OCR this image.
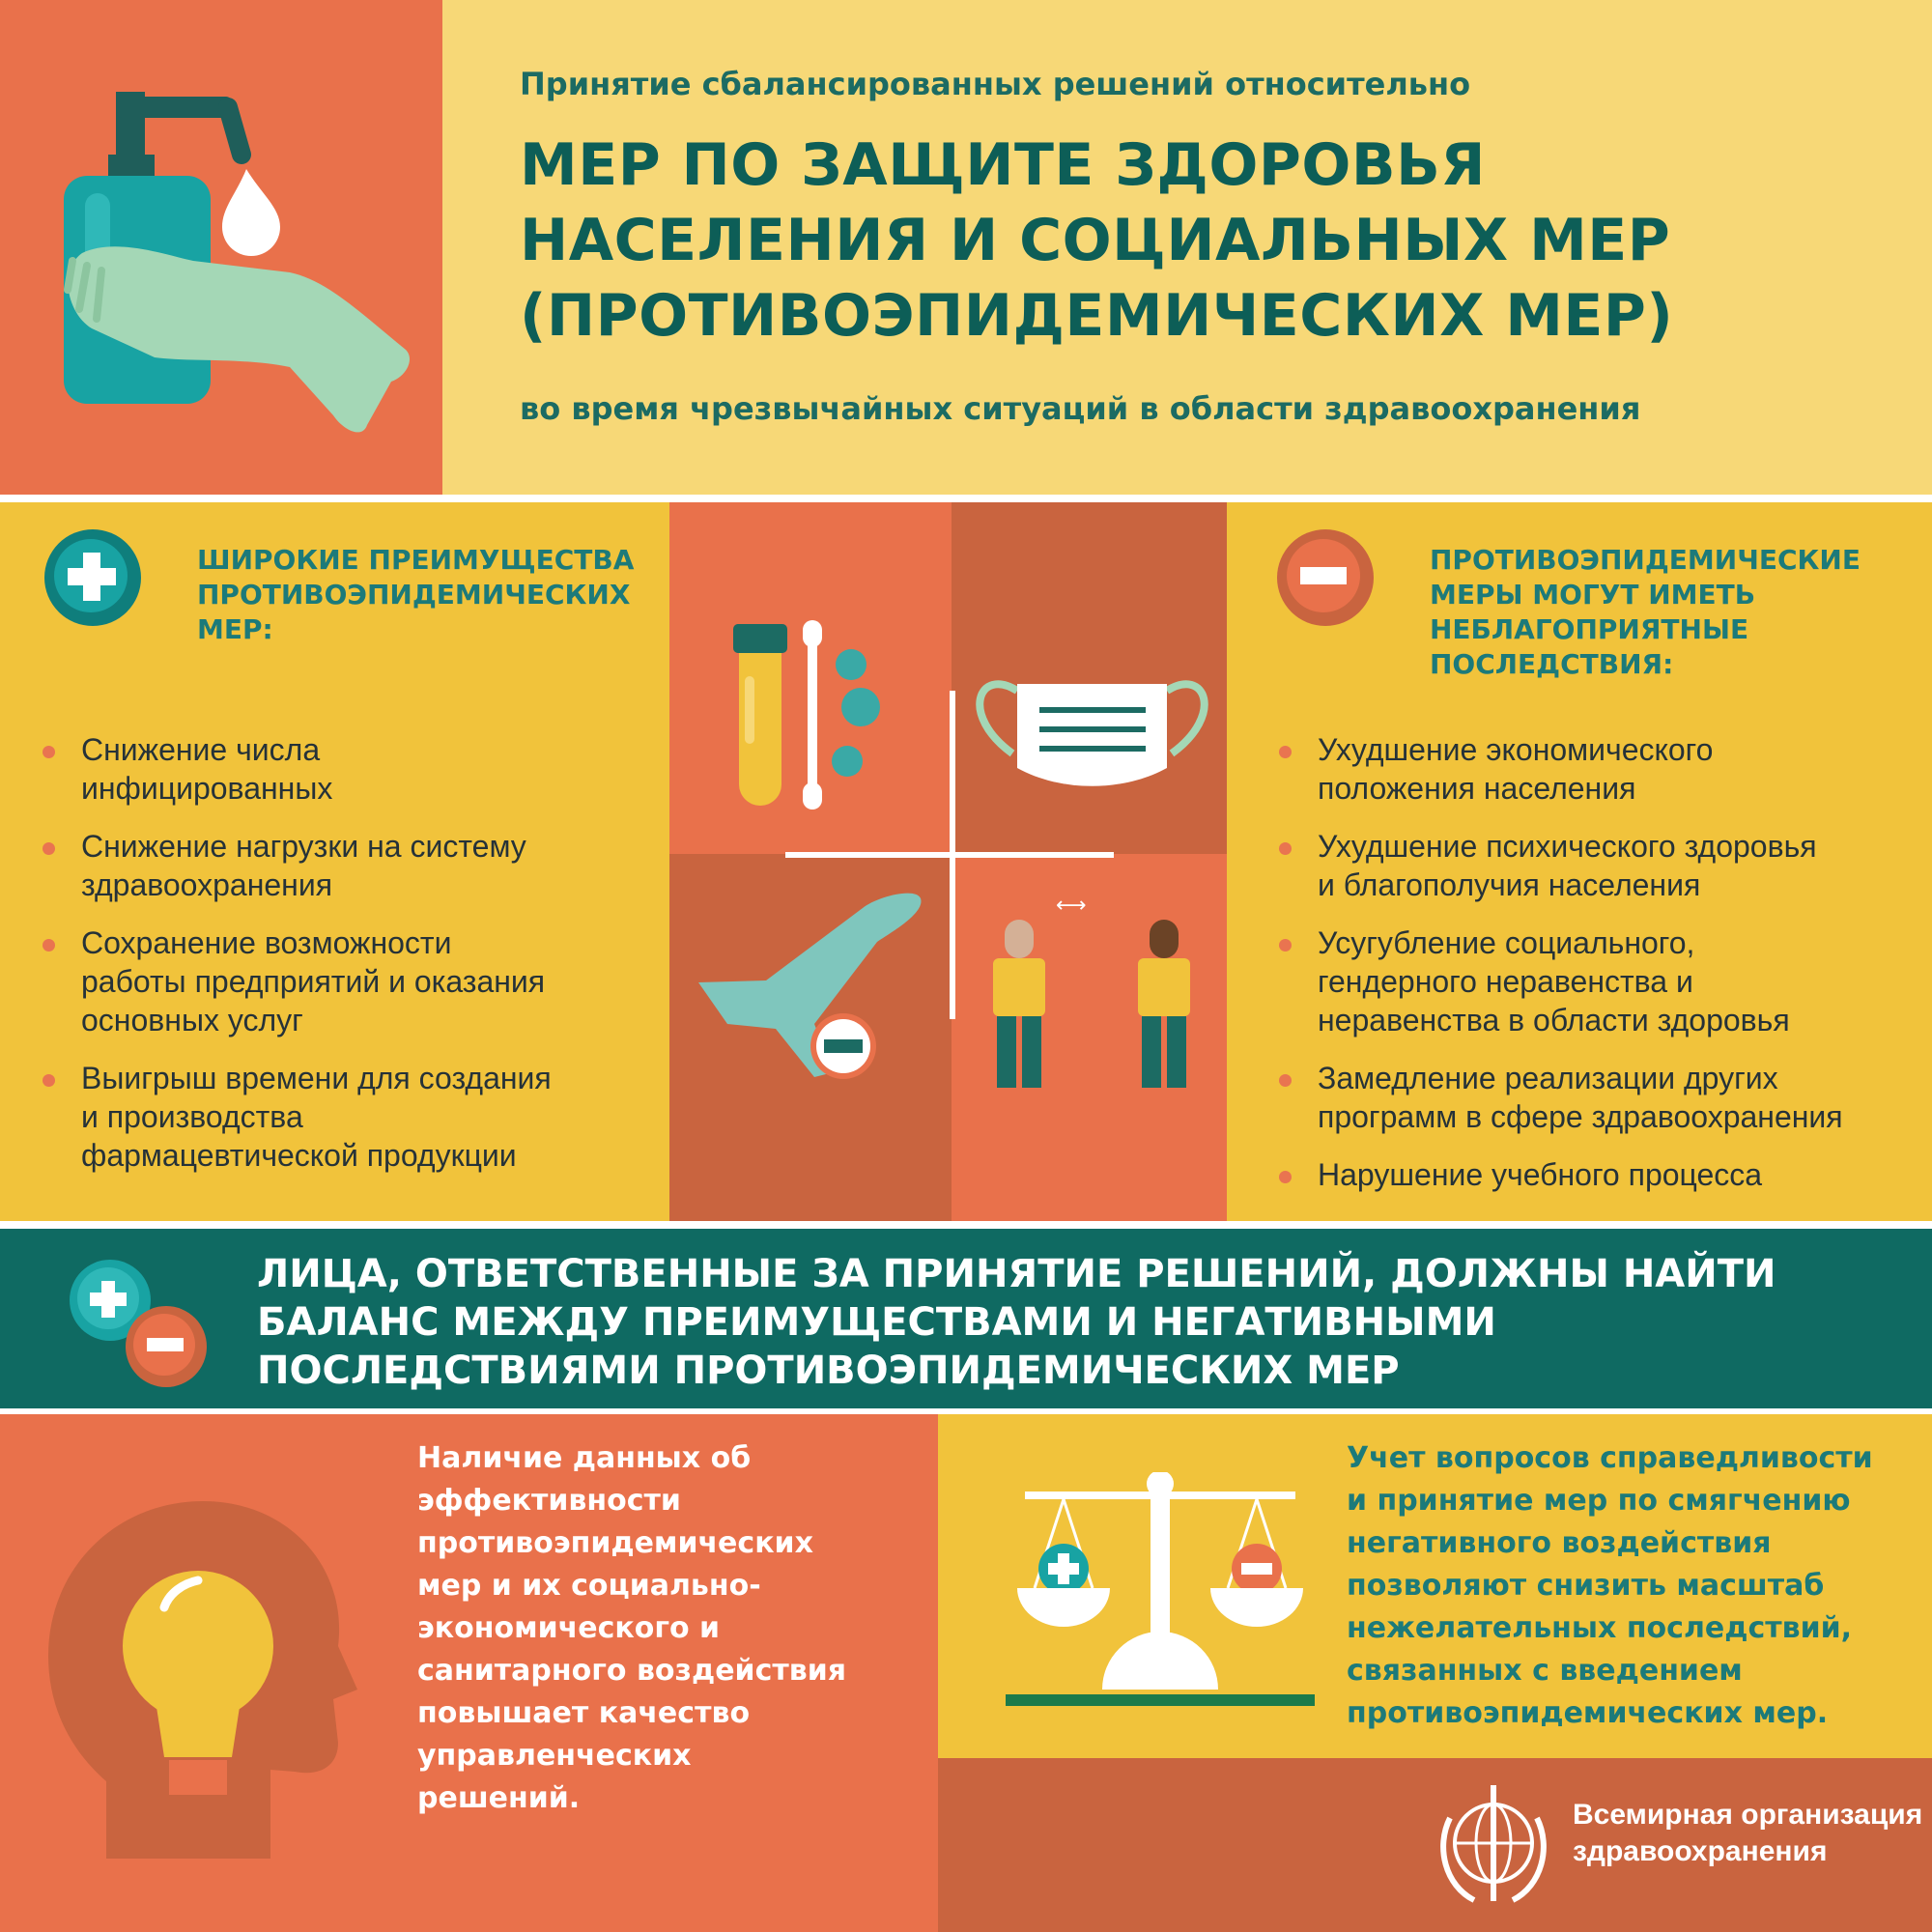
Принятие сбалансированных решений относительно
МЕР ПО ЗАЩИТЕ ЗДОРОВЬЯ
НАСЕЛЕНИЯ И СОЦИАЛЬНЫХ МЕР
(ПРОТИВОЭПИДЕМИЧЕСКИХ МЕР)
во время чрезвычайных ситуаций в области здравоохранения
ШИРОКИЕ ПРЕИМУЩЕСТВА
ПРОТИВОЭПИДЕМИЧЕСКИХ
МЕР:
Снижение числа
инфицированных
Снижение нагрузки на систему
здравоохранения
Сохранение возможности
работы предприятий и оказания
основных услуг
Выигрыш времени для создания
и производства
фармацевтической продукции
⟷
ПРОТИВОЭПИДЕМИЧЕСКИЕ
МЕРЫ МОГУТ ИМЕТЬ
НЕБЛАГОПРИЯТНЫЕ
ПОСЛЕДСТВИЯ:
Ухудшение экономического
положения населения
Ухудшение психического здоровья
и благополучия населения
Усугубление социального,
гендерного неравенства и
неравенства в области здоровья
Замедление реализации других
программ в сфере здравоохранения
Нарушение учебного процесса
ЛИЦА, ОТВЕТСТВЕННЫЕ ЗА ПРИНЯТИЕ РЕШЕНИЙ, ДОЛЖНЫ НАЙТИ
БАЛАНС МЕЖДУ ПРЕИМУЩЕСТВАМИ И НЕГАТИВНЫМИ
ПОСЛЕДСТВИЯМИ ПРОТИВОЭПИДЕМИЧЕСКИХ МЕР
Наличие данных об
эффективности
противоэпидемических
мер и их социально-
экономического и
санитарного воздействия
повышает качество
управленческих
решений.
Учет вопросов справедливости
и принятие мер по смягчению
негативного воздействия
позволяют снизить масштаб
нежелательных последствий,
связанных с введением
противоэпидемических мер.
Всемирная организация
здравоохранения
